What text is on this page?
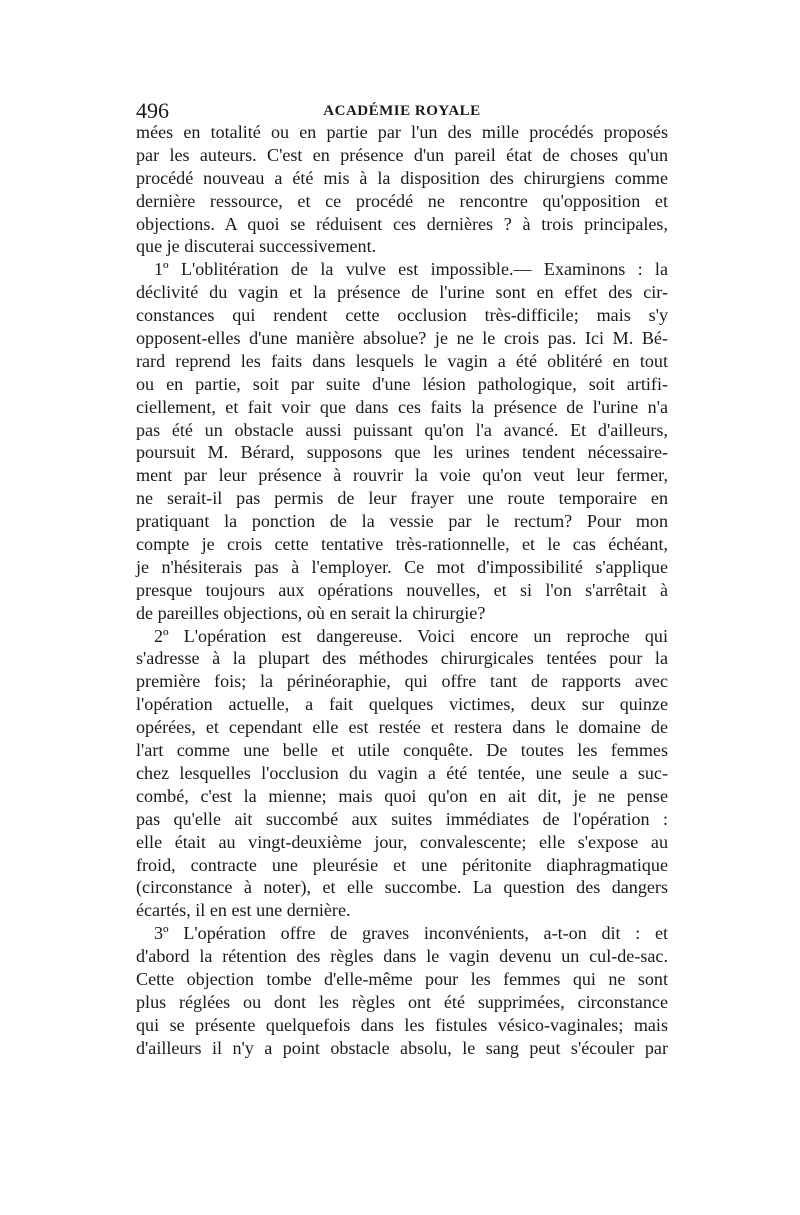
496	ACADÉMIE ROYALE
mées en totalité ou en partie par l'un des mille procédés proposés
par les auteurs. C'est en présence d'un pareil état de choses qu'un
procédé nouveau a été mis à la disposition des chirurgiens comme
dernière ressource, et ce procédé ne rencontre qu'opposition et
objections. A quoi se réduisent ces dernières ? à trois principales,
que je discuterai successivement.
1º L'oblitération de la vulve est impossible.— Examinons : la
déclivité du vagin et la présence de l'urine sont en effet des cir-
constances qui rendent cette occlusion très-difficile; mais s'y
opposent-elles d'une manière absolue? je ne le crois pas. Ici M. Bé-
rard reprend les faits dans lesquels le vagin a été oblitéré en tout
ou en partie, soit par suite d'une lésion pathologique, soit artifi-
ciellement, et fait voir que dans ces faits la présence de l'urine n'a
pas été un obstacle aussi puissant qu'on l'a avancé. Et d'ailleurs,
poursuit M. Bérard, supposons que les urines tendent nécessaire-
ment par leur présence à rouvrir la voie qu'on veut leur fermer,
ne serait-il pas permis de leur frayer une route temporaire en
pratiquant la ponction de la vessie par le rectum? Pour mon
compte je crois cette tentative très-rationnelle, et le cas échéant,
je n'hésiterais pas à l'employer. Ce mot d'impossibilité s'applique
presque toujours aux opérations nouvelles, et si l'on s'arrêtait à
de pareilles objections, où en serait la chirurgie?
2º L'opération est dangereuse. Voici encore un reproche qui
s'adresse à la plupart des méthodes chirurgicales tentées pour la
première fois; la périnéoraphie, qui offre tant de rapports avec
l'opération actuelle, a fait quelques victimes, deux sur quinze
opérées, et cependant elle est restée et restera dans le domaine de
l'art comme une belle et utile conquête. De toutes les femmes
chez lesquelles l'occlusion du vagin a été tentée, une seule a suc-
combé, c'est la mienne; mais quoi qu'on en ait dit, je ne pense
pas qu'elle ait succombé aux suites immédiates de l'opération :
elle était au vingt-deuxième jour, convalescente; elle s'expose au
froid, contracte une pleurésie et une péritonite diaphragmatique
(circonstance à noter), et elle succombe. La question des dangers
écartés, il en est une dernière.
3º L'opération offre de graves inconvénients, a-t-on dit : et
d'abord la rétention des règles dans le vagin devenu un cul-de-sac.
Cette objection tombe d'elle-même pour les femmes qui ne sont
plus réglées ou dont les règles ont été supprimées, circonstance
qui se présente quelquefois dans les fistules vésico-vaginales; mais
d'ailleurs il n'y a point obstacle absolu, le sang peut s'écouler par
